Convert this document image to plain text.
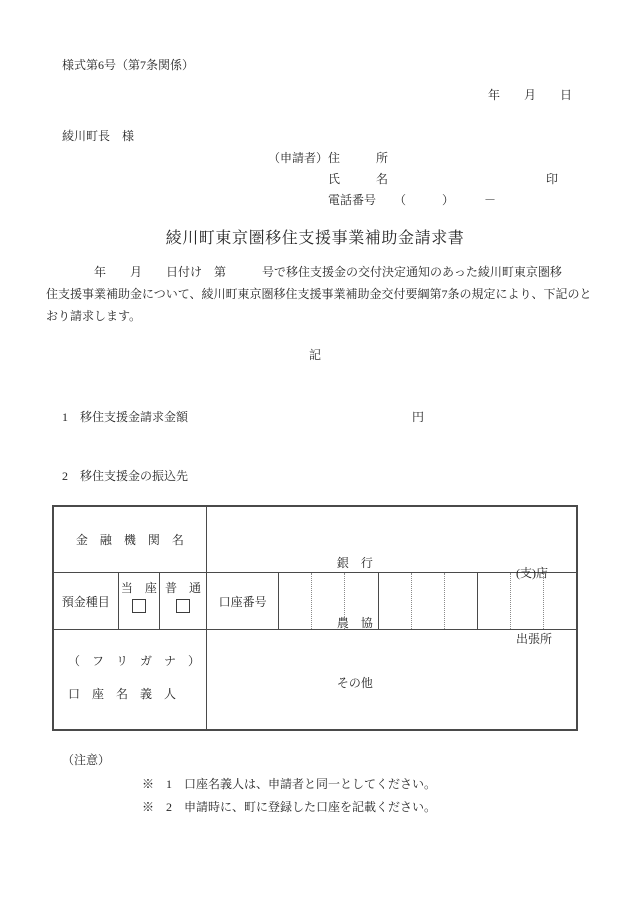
様式第6号（第7条関係）
年　　月　　日
綾川町長　様
（申請者）住　　　所
氏　　　名	印
電話番号　　（　　　）　　　－
綾川町東京圏移住支援事業補助金請求書
　　　　年　　月　　日付け　第　　　号で移住支援金の交付決定通知のあった綾川町東京圏移
住支援事業補助金について、綾川町東京圏移住支援事業補助金交付要綱第7条の規定により、下記のと
おり請求します。
記
1 移住支援金請求金額	円
2 移住支援金の振込先
金　融　機　関　名

銀　行

農　協

その他

(支)店

出張所

預金種目
当　座 普　通
口座番号
（　フ　リ　ガ　ナ　）
口　座　名　義　人
（注意）
※　1　口座名義人は、申請者と同一としてください。
※　2　申請時に、町に登録した口座を記載ください。
